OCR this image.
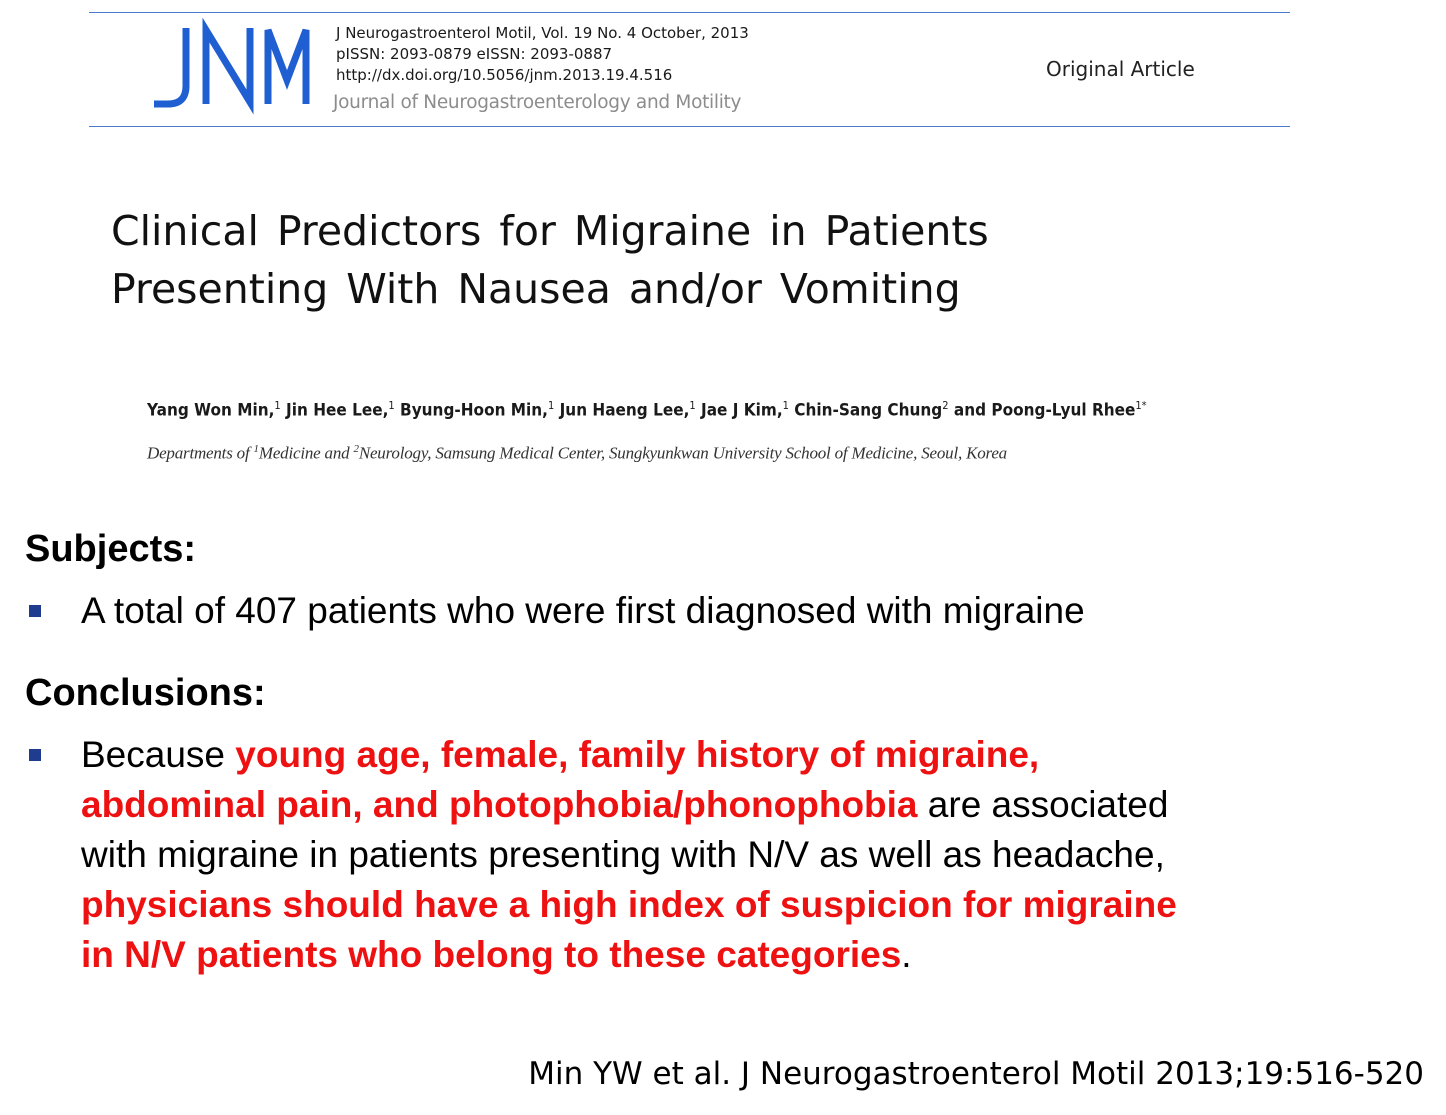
J Neurogastroenterol Motil, Vol. 19 No. 4 October, 2013
pISSN: 2093-0879 eISSN: 2093-0887
http://dx.doi.org/10.5056/jnm.2013.19.4.516
Journal of Neurogastroenterology and Motility
Original Article
Clinical Predictors for Migraine in Patients
Presenting With Nausea and/or Vomiting
Yang Won Min,$^1$ Jin Hee Lee,$^1$ Byung-Hoon Min,$^1$ Jun Haeng Lee,$^1$ Jae J Kim,$^1$ Chin-Sang Chung$^2$ and Poong-Lyul Rhee$^{1*}$
Departments of $^1$Medicine and $^2$Neurology, Samsung Medical Center, Sungkyunkwan University School of Medicine, Seoul, Korea
Subjects:
A total of 407 patients who were first diagnosed with migraine
Conclusions:
Because young age, female, family history of migraine,
abdominal pain, and photophobia/phonophobia are associated
with migraine in patients presenting with N/V as well as headache,
physicians should have a high index of suspicion for migraine
in N/V patients who belong to these categories.
Min YW et al. J Neurogastroenterol Motil 2013;19:516-520
